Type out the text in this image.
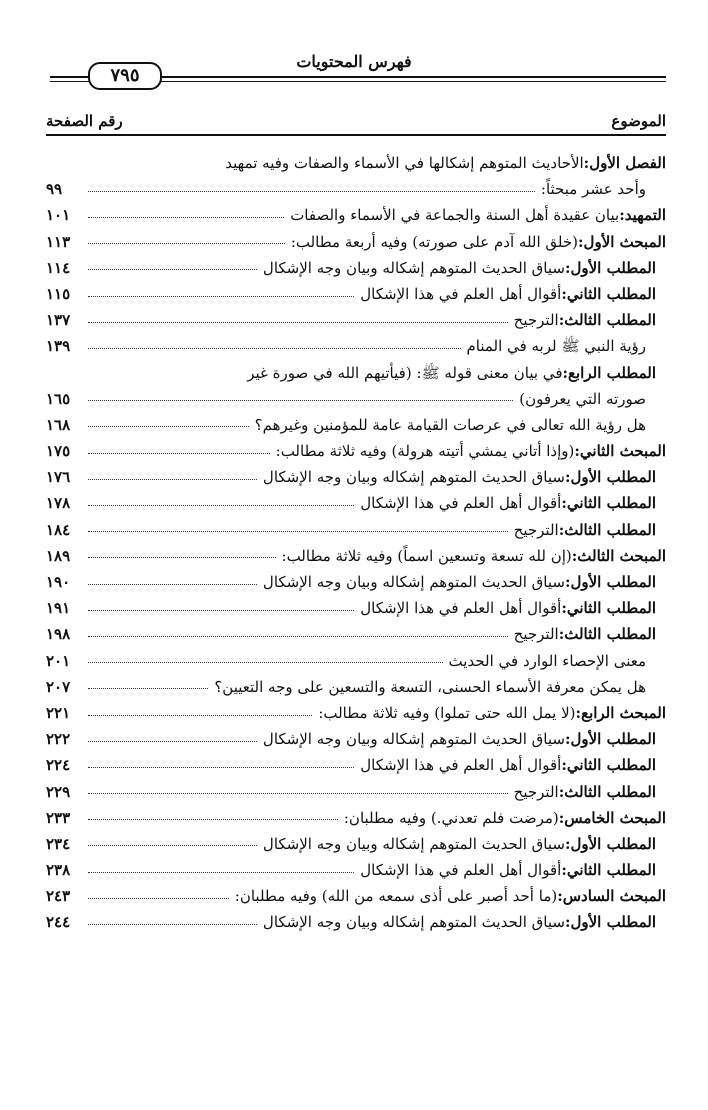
فهرس المحتويات
٧٩٥
الموضوع
رقم الصفحة
الفصل الأول:
الأحاديث المتوهم إشكالها في الأسماء والصفات وفيه تمهيد
وأحد عشر مبحثاً:
٩٩
التمهيد:
بيان عقيدة أهل السنة والجماعة في الأسماء والصفات
١٠١
المبحث الأول:
(خلق الله آدم على صورته) وفيه أربعة مطالب:
١١٣
المطلب الأول:
سياق الحديث المتوهم إشكاله وبيان وجه الإشكال
١١٤
المطلب الثاني:
أقوال أهل العلم في هذا الإشكال
١١٥
المطلب الثالث:
الترجيح
١٣٧
رؤية النبي ﷺ لربه في المنام
١٣٩
المطلب الرابع:
في بيان معنى قوله ﷺ: (فيأتيهم الله في صورة غير
صورته التي يعرفون)
١٦٥
هل رؤية الله تعالى في عرصات القيامة عامة للمؤمنين وغيرهم؟
١٦٨
المبحث الثاني:
(وإذا أتاني يمشي أتيته هرولة) وفيه ثلاثة مطالب:
١٧٥
المطلب الأول:
سياق الحديث المتوهم إشكاله وبيان وجه الإشكال
١٧٦
المطلب الثاني:
أقوال أهل العلم في هذا الإشكال
١٧٨
المطلب الثالث:
الترجيح
١٨٤
المبحث الثالث:
(إن لله تسعة وتسعين اسماً) وفيه ثلاثة مطالب:
١٨٩
المطلب الأول:
سياق الحديث المتوهم إشكاله وبيان وجه الإشكال
١٩٠
المطلب الثاني:
أقوال أهل العلم في هذا الإشكال
١٩١
المطلب الثالث:
الترجيح
١٩٨
معنى الإحصاء الوارد في الحديث
٢٠١
هل يمكن معرفة الأسماء الحسنى، التسعة والتسعين على وجه التعيين؟
٢٠٧
المبحث الرابع:
(لا يمل الله حتى تملوا) وفيه ثلاثة مطالب:
٢٢١
المطلب الأول:
سياق الحديث المتوهم إشكاله وبيان وجه الإشكال
٢٢٢
المطلب الثاني:
أقوال أهل العلم في هذا الإشكال
٢٢٤
المطلب الثالث:
الترجيح
٢٢٩
المبحث الخامس:
(مرضت فلم تعدني.) وفيه مطلبان:
٢٣٣
المطلب الأول:
سياق الحديث المتوهم إشكاله وبيان وجه الإشكال
٢٣٤
المطلب الثاني:
أقوال أهل العلم في هذا الإشكال
٢٣٨
المبحث السادس:
(ما أحد أصبر على أذى سمعه من الله) وفيه مطلبان:
٢٤٣
المطلب الأول:
سياق الحديث المتوهم إشكاله وبيان وجه الإشكال
٢٤٤
